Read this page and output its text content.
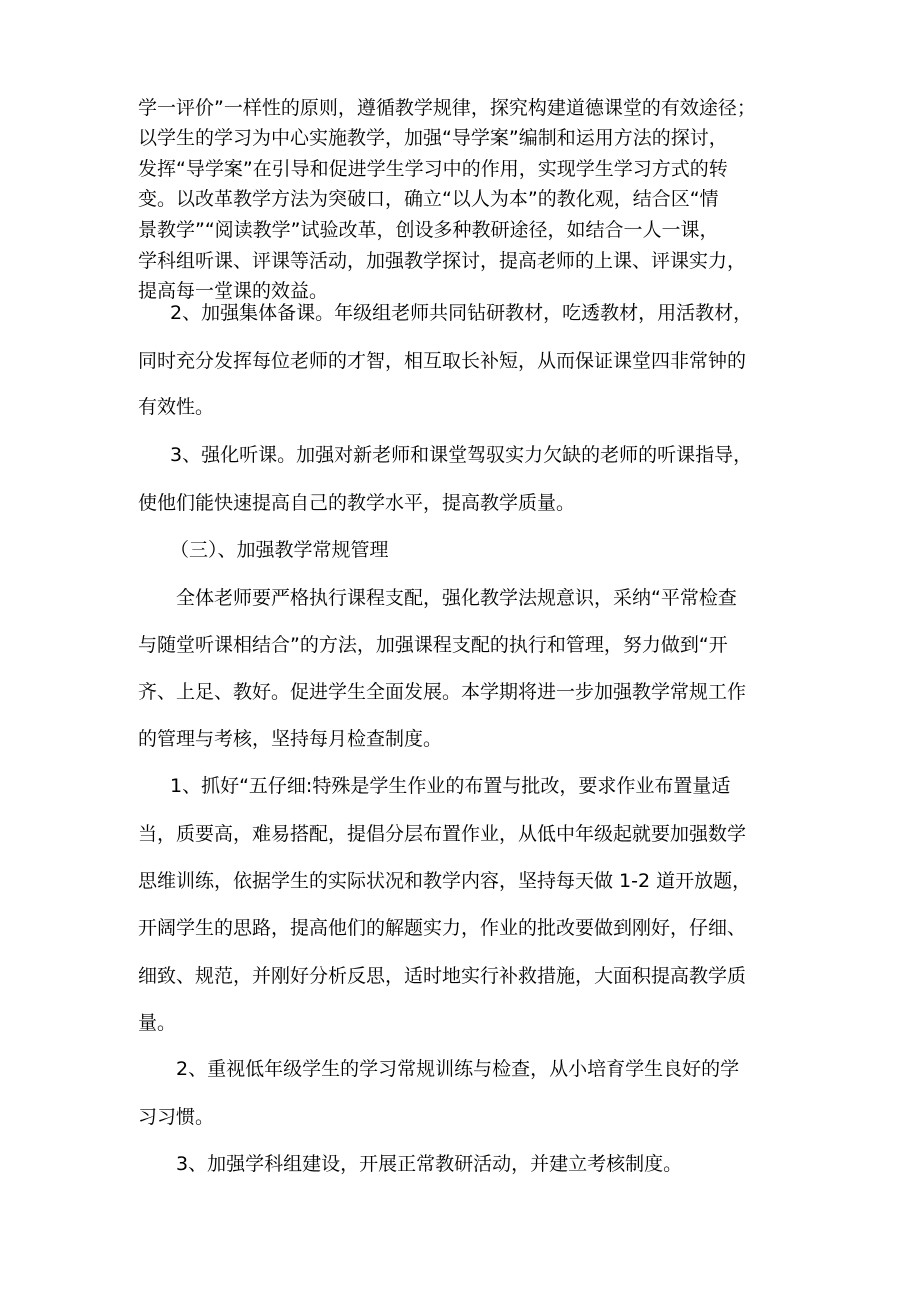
学一评价”一样性的原则，遵循教学规律，探究构建道德课堂的有效途径；
以学生的学习为中心实施教学，加强“导学案”编制和运用方法的探讨，
发挥“导学案”在引导和促进学生学习中的作用，实现学生学习方式的转
变。以改革教学方法为突破口，确立“以人为本”的教化观，结合区“情
景教学”“阅读教学”试验改革，创设多种教研途径，如结合一人一课，
学科组听课、评课等活动，加强教学探讨，提高老师的上课、评课实力，
提高每一堂课的效益。
2、加强集体备课。年级组老师共同钻研教材，吃透教材，用活教材，
同时充分发挥每位老师的才智，相互取长补短，从而保证课堂四非常钟的
有效性。
3、强化听课。加强对新老师和课堂驾驭实力欠缺的老师的听课指导，
使他们能快速提高自己的教学水平，提高教学质量。
（三）、加强教学常规管理
全体老师要严格执行课程支配，强化教学法规意识，采纳“平常检查
与随堂听课相结合”的方法，加强课程支配的执行和管理，努力做到“开
齐、上足、教好。促进学生全面发展。本学期将进一步加强教学常规工作
的管理与考核，坚持每月检查制度。
1、抓好“五仔细:特殊是学生作业的布置与批改，要求作业布置量适
当，质要高，难易搭配，提倡分层布置作业，从低中年级起就要加强数学
思维训练，依据学生的实际状况和教学内容，坚持每天做 1-2 道开放题，
开阔学生的思路，提高他们的解题实力，作业的批改要做到刚好，仔细、
细致、规范，并刚好分析反思，适时地实行补救措施，大面积提高教学质
量。
2、重视低年级学生的学习常规训练与检查，从小培育学生良好的学
习习惯。
3、加强学科组建设，开展正常教研活动，并建立考核制度。
